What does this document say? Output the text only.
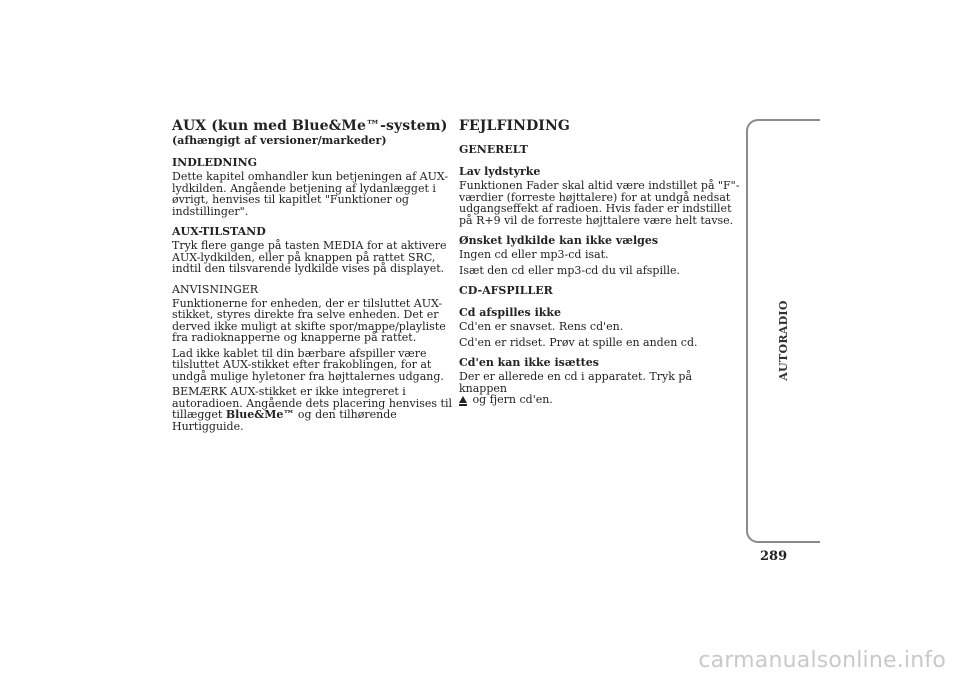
AUX (kun med Blue&Me™-system)

(afhængigt af versioner/markeder)

INDLEDNING

Dette kapitel omhandler kun betjeningen af AUX-lydkilden. Angående betjening af lydanlægget i øvrigt, henvises til kapitlet "Funktioner og indstillinger".

AUX-TILSTAND

Tryk flere gange på tasten MEDIA for at aktivere AUX-lydkilden, eller på knappen på rattet SRC, indtil den tilsvarende lydkilde vises på displayet.

ANVISNINGER

Funktionerne for enheden, der er tilsluttet AUX-stikket, styres direkte fra selve enheden. Det er derved ikke muligt at skifte spor/mappe/playliste fra radioknapperne og knapperne på rattet.

Lad ikke kablet til din bærbare afspiller være tilsluttet AUX-stikket efter frakoblingen, for at undgå mulige hyletoner fra højttalernes udgang.

BEMÆRK AUX-stikket er ikke integreret i autoradioen. Angående dets placering henvises til tillægget Blue&Me™ og den tilhørende Hurtigguide.

FEJLFINDING

GENERELT

Lav lydstyrke

Funktionen Fader skal altid være indstillet på "F"-værdier (forreste højttalere) for at undgå nedsat udgangseffekt af radioen. Hvis fader er indstillet på R+9 vil de forreste højttalere være helt tavse.

Ønsket lydkilde kan ikke vælges

Ingen cd eller mp3-cd isat.

Isæt den cd eller mp3-cd du vil afspille.

CD-AFSPILLER

Cd afspilles ikke

Cd'en er snavset. Rens cd'en.

Cd'en er ridset. Prøv at spille en anden cd.

Cd'en kan ikke isættes

Der er allerede en cd i apparatet. Tryk på knappen
og fjern cd'en.

AUTORADIO
289
carmanualsonline.info
